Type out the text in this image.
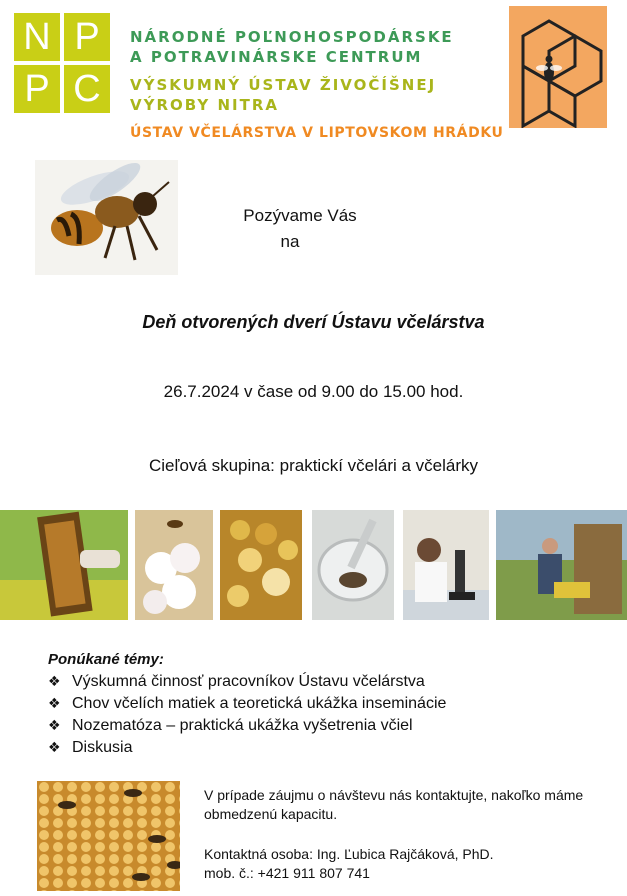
N P
P C
NÁRODNÉ POĽNOHOSPODÁRSKE
A POTRAVINÁRSKE CENTRUM
VÝSKUMNÝ ÚSTAV ŽIVOČÍŠNEJ
VÝROBY NITRA
ÚSTAV VČELÁRSTVA V LIPTOVSKOM HRÁDKU
Pozývame Vás
na
Deň otvorených dverí Ústavu včelárstva
26.7.2024 v čase od 9.00 do 15.00 hod.
Cieľová skupina: praktickí včelári a včelárky
Ponúkané témy:
❖ Výskumná činnosť pracovníkov Ústavu včelárstva
❖ Chov včelích matiek a teoretická ukážka inseminácie
❖ Nozematóza – praktická ukážka vyšetrenia včiel
❖ Diskusia
V prípade záujmu o návštevu nás kontaktujte, nakoľko máme
obmedzenú kapacitu.
Kontaktná osoba: Ing. Ľubica Rajčáková, PhD.
mob. č.: +421 911 807 741
